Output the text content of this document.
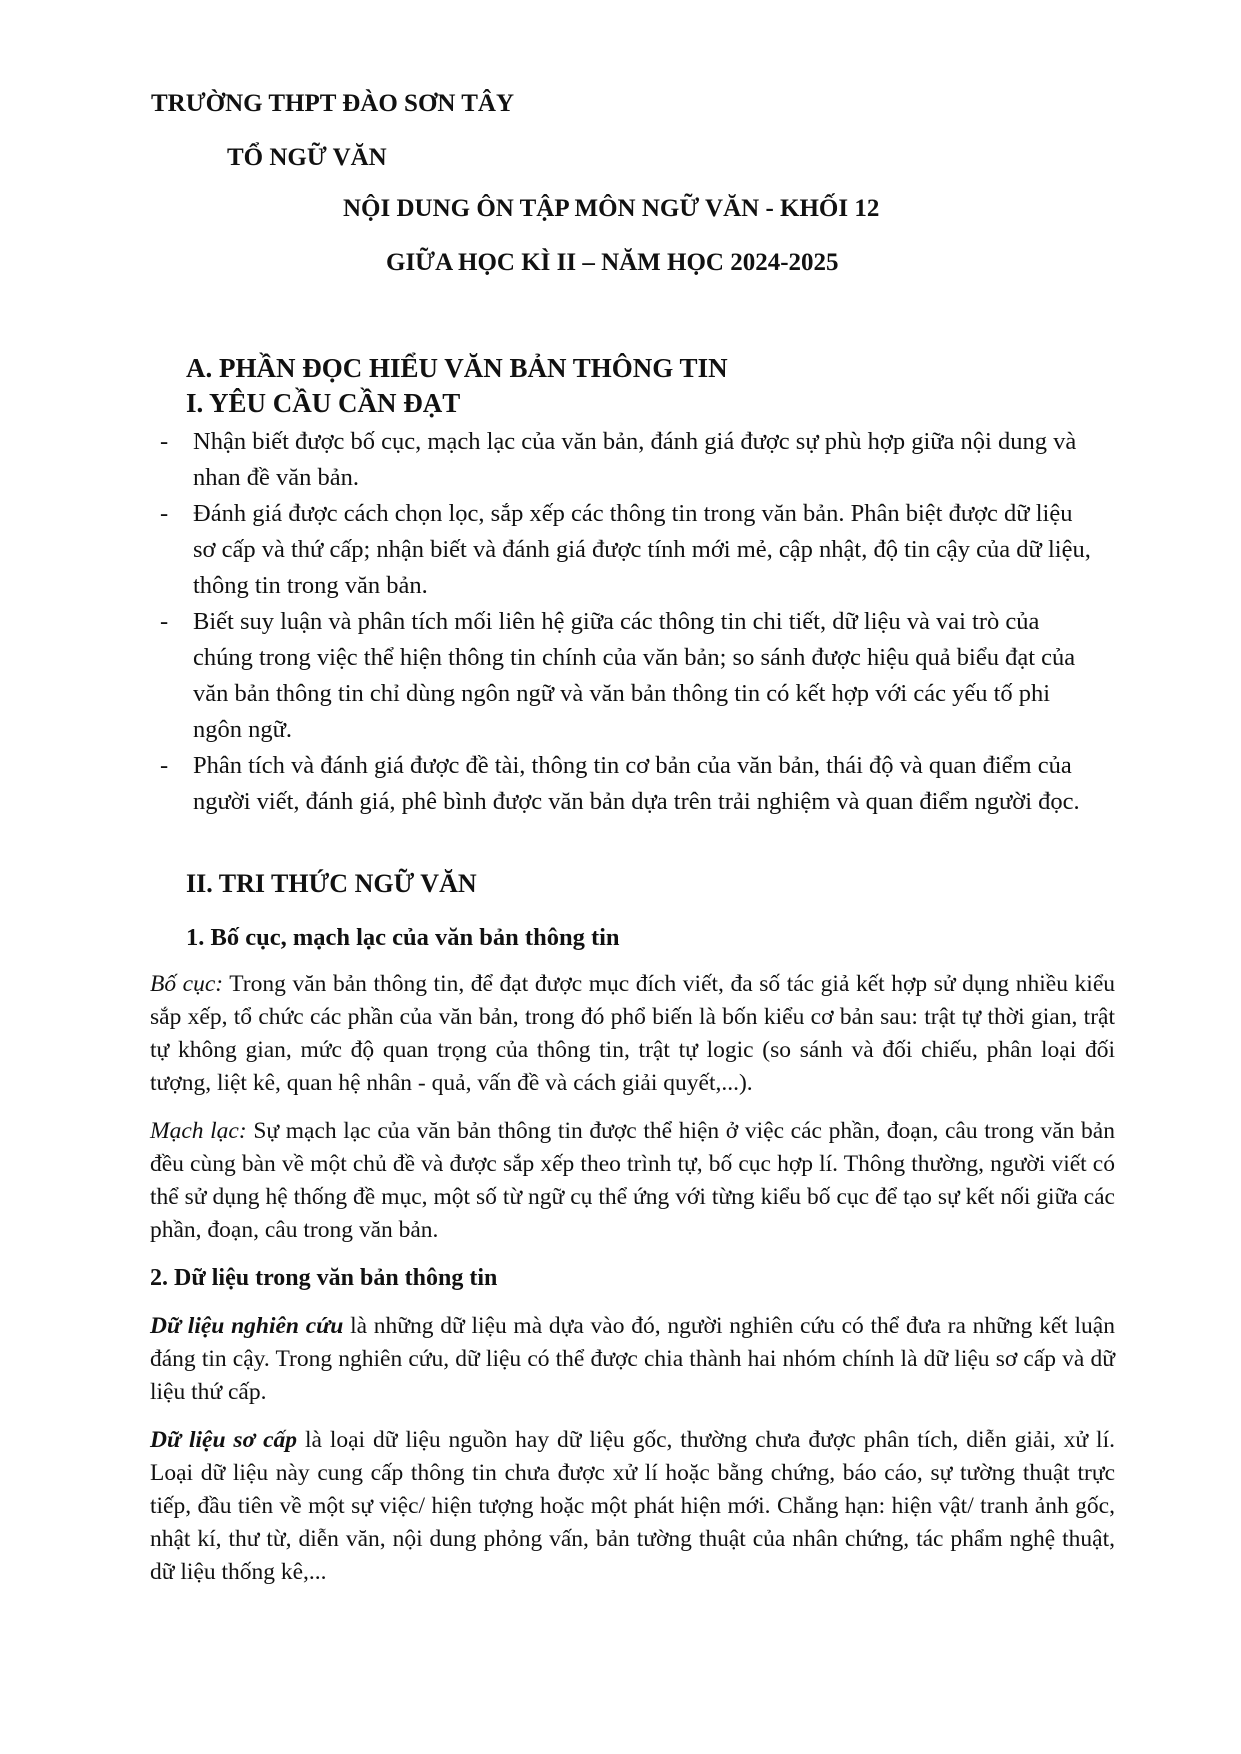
TRƯỜNG THPT ĐÀO SƠN TÂY
TỔ NGỮ VĂN
NỘI DUNG ÔN TẬP MÔN NGỮ VĂN - KHỐI 12
GIỮA HỌC KÌ II – NĂM HỌC 2024-2025
A. PHẦN ĐỌC HIỂU VĂN BẢN THÔNG TIN
I. YÊU CẦU CẦN ĐẠT

- Nhận biết được bố cục, mạch lạc của văn bản, đánh giá được sự phù hợp giữa nội dung và nhan đề văn bản.

- Đánh giá được cách chọn lọc, sắp xếp các thông tin trong văn bản. Phân biệt được dữ liệu sơ cấp và thứ cấp; nhận biết và đánh giá được tính mới mẻ, cập nhật, độ tin cậy của dữ liệu, thông tin trong văn bản.

- Biết suy luận và phân tích mối liên hệ giữa các thông tin chi tiết, dữ liệu và vai trò của chúng trong việc thể hiện thông tin chính của văn bản; so sánh được hiệu quả biểu đạt của văn bản thông tin chỉ dùng ngôn ngữ và văn bản thông tin có kết hợp với các yếu tố phi ngôn ngữ.

- Phân tích và đánh giá được đề tài, thông tin cơ bản của văn bản, thái độ và quan điểm của người viết, đánh giá, phê bình được văn bản dựa trên trải nghiệm và quan điểm người đọc.

II. TRI THỨC NGỮ VĂN
1. Bố cục, mạch lạc của văn bản thông tin

Bố cục: Trong văn bản thông tin, để đạt được mục đích viết, đa số tác giả kết hợp sử dụng nhiều kiểu sắp xếp, tổ chức các phần của văn bản, trong đó phổ biến là bốn kiểu cơ bản sau: trật tự thời gian, trật tự không gian, mức độ quan trọng của thông tin, trật tự logic (so sánh và đối chiếu, phân loại đối tượng, liệt kê, quan hệ nhân - quả, vấn đề và cách giải quyết,...).

Mạch lạc: Sự mạch lạc của văn bản thông tin được thể hiện ở việc các phần, đoạn, câu trong văn bản đều cùng bàn về một chủ đề và được sắp xếp theo trình tự, bố cục hợp lí. Thông thường, người viết có thể sử dụng hệ thống đề mục, một số từ ngữ cụ thể ứng với từng kiểu bố cục để tạo sự kết nối giữa các phần, đoạn, câu trong văn bản.

2. Dữ liệu trong văn bản thông tin

Dữ liệu nghiên cứu là những dữ liệu mà dựa vào đó, người nghiên cứu có thể đưa ra những kết luận đáng tin cậy. Trong nghiên cứu, dữ liệu có thể được chia thành hai nhóm chính là dữ liệu sơ cấp và dữ liệu thứ cấp.

Dữ liệu sơ cấp là loại dữ liệu nguồn hay dữ liệu gốc, thường chưa được phân tích, diễn giải, xử lí. Loại dữ liệu này cung cấp thông tin chưa được xử lí hoặc bằng chứng, báo cáo, sự tường thuật trực tiếp, đầu tiên về một sự việc/ hiện tượng hoặc một phát hiện mới. Chẳng hạn: hiện vật/ tranh ảnh gốc, nhật kí, thư từ, diễn văn, nội dung phỏng vấn, bản tường thuật của nhân chứng, tác phẩm nghệ thuật, dữ liệu thống kê,...
